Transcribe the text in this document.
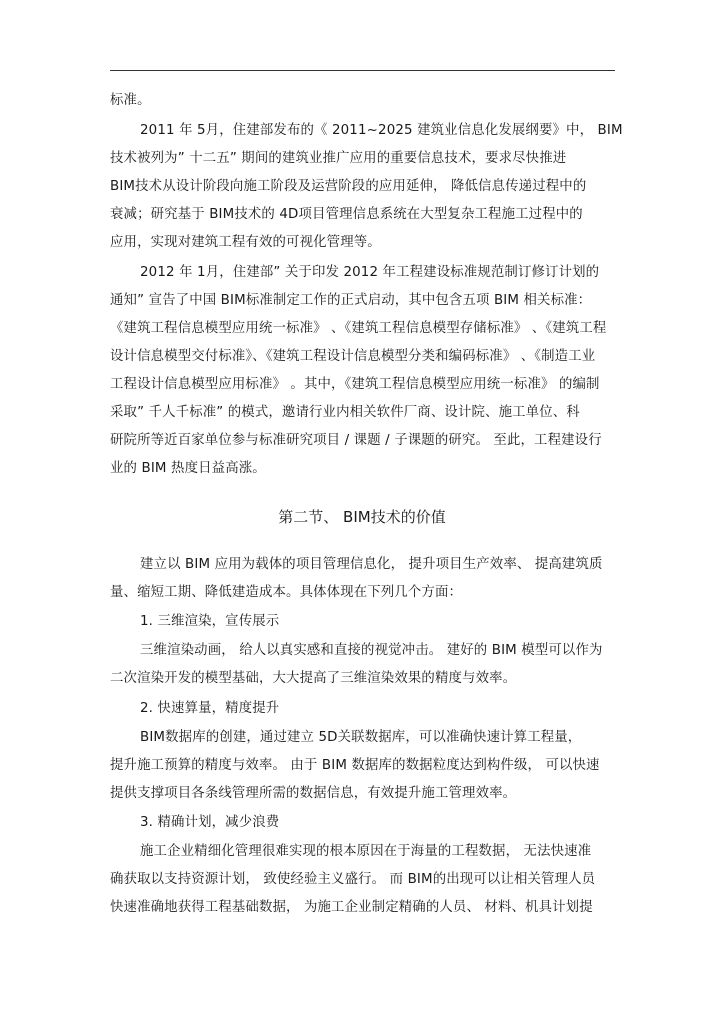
标准。
2011 年 5月，住建部发布的《 2011~2025 建筑业信息化发展纲要》中， BIM
技术被列为” 十二五” 期间的建筑业推广应用的重要信息技术，要求尽快推进
BIM技术从设计阶段向施工阶段及运营阶段的应用延伸， 降低信息传递过程中的
衰减；研究基于 BIM技术的 4D项目管理信息系统在大型复杂工程施工过程中的
应用，实现对建筑工程有效的可视化管理等。
2012 年 1月，住建部” 关于印发 2012 年工程建设标准规范制订修订计划的
通知” 宣告了中国 BIM标准制定工作的正式启动，其中包含五项 BIM 相关标准：
《建筑工程信息模型应用统一标准》 、《建筑工程信息模型存储标准》 、《建筑工程
设计信息模型交付标准》、《建筑工程设计信息模型分类和编码标准》 、《制造工业
工程设计信息模型应用标准》 。其中，《建筑工程信息模型应用统一标准》 的编制
采取” 千人千标准” 的模式，邀请行业内相关软件厂商、设计院、施工单位、科
研院所等近百家单位参与标准研究项目 / 课题 / 子课题的研究。 至此，工程建设行
业的 BIM 热度日益高涨。
第二节、 BIM技术的价值
建立以 BIM 应用为载体的项目管理信息化， 提升项目生产效率、 提高建筑质
量、缩短工期、降低建造成本。具体体现在下列几个方面：
1. 三维渲染，宣传展示
三维渲染动画， 给人以真实感和直接的视觉冲击。 建好的 BIM 模型可以作为
二次渲染开发的模型基础，大大提高了三维渲染效果的精度与效率。
2. 快速算量，精度提升
BIM数据库的创建，通过建立 5D关联数据库，可以准确快速计算工程量，
提升施工预算的精度与效率。 由于 BIM 数据库的数据粒度达到构件级， 可以快速
提供支撑项目各条线管理所需的数据信息，有效提升施工管理效率。
3. 精确计划，减少浪费
施工企业精细化管理很难实现的根本原因在于海量的工程数据， 无法快速准
确获取以支持资源计划， 致使经验主义盛行。 而 BIM的出现可以让相关管理人员
快速准确地获得工程基础数据， 为施工企业制定精确的人员、 材料、机具计划提
